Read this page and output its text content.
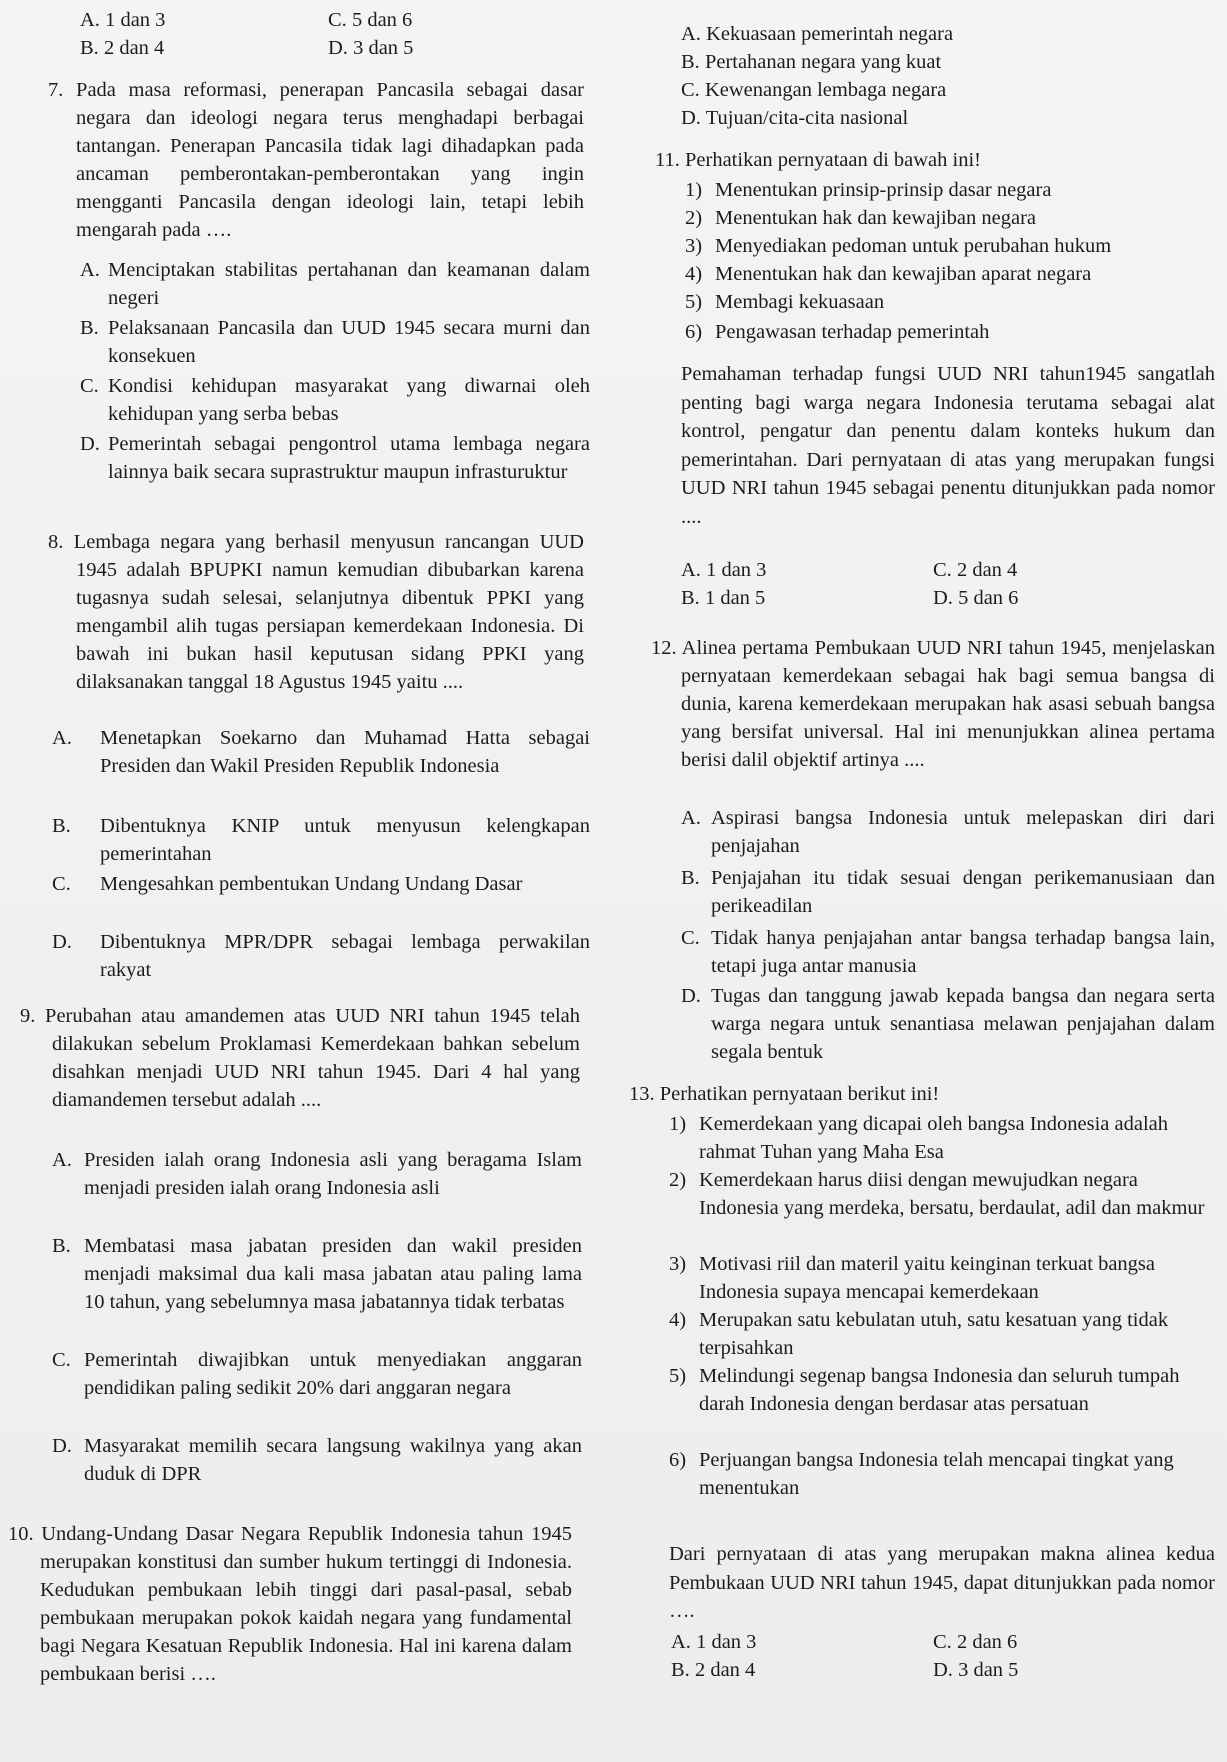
A. 1 dan 3	C. 5 dan 6
B. 2 dan 4	D. 3 dan 5
7. Pada masa reformasi, penerapan Pancasila sebagai dasar negara dan ideologi negara terus menghadapi berbagai tantangan. Penerapan Pancasila tidak lagi dihadapkan pada ancaman pemberontakan-pemberontakan yang ingin mengganti Pancasila dengan ideologi lain, tetapi lebih mengarah pada ….
A. Menciptakan stabilitas pertahanan dan keamanan dalam negeri
B. Pelaksanaan Pancasila dan UUD 1945 secara murni dan konsekuen
C. Kondisi kehidupan masyarakat yang diwarnai oleh kehidupan yang serba bebas
D. Pemerintah sebagai pengontrol utama lembaga negara lainnya baik secara suprastruktur maupun infrasturuktur
8. Lembaga negara yang berhasil menyusun rancangan UUD 1945 adalah BPUPKI namun kemudian dibubarkan karena tugasnya sudah selesai, selanjutnya dibentuk PPKI yang mengambil alih tugas persiapan kemerdekaan Indonesia. Di bawah ini bukan hasil keputusan sidang PPKI yang dilaksanakan tanggal 18 Agustus 1945 yaitu ....
A.	Menetapkan Soekarno dan Muhamad Hatta sebagai Presiden dan Wakil Presiden Republik Indonesia
B.	Dibentuknya KNIP untuk menyusun kelengkapan pemerintahan
C.	Mengesahkan pembentukan Undang Undang Dasar
D.	Dibentuknya MPR/DPR sebagai lembaga perwakilan rakyat
9. Perubahan atau amandemen atas UUD NRI tahun 1945 telah dilakukan sebelum Proklamasi Kemerdekaan bahkan sebelum disahkan menjadi UUD NRI tahun 1945. Dari 4 hal yang diamandemen tersebut adalah ....
A. Presiden ialah orang Indonesia asli yang beragama Islam menjadi presiden ialah orang Indonesia asli
B. Membatasi masa jabatan presiden dan wakil presiden menjadi maksimal dua kali masa jabatan atau paling lama 10 tahun, yang sebelumnya masa jabatannya tidak terbatas
C. Pemerintah diwajibkan untuk menyediakan anggaran pendidikan paling sedikit 20% dari anggaran negara
D. Masyarakat memilih secara langsung wakilnya yang akan duduk di DPR
10. Undang-Undang Dasar Negara Republik Indonesia tahun 1945 merupakan konstitusi dan sumber hukum tertinggi di Indonesia. Kedudukan pembukaan lebih tinggi dari pasal-pasal, sebab pembukaan merupakan pokok kaidah negara yang fundamental bagi Negara Kesatuan Republik Indonesia. Hal ini karena dalam pembukaan berisi ….
A. Kekuasaan pemerintah negara
B. Pertahanan negara yang kuat
C. Kewenangan lembaga negara
D. Tujuan/cita-cita nasional
11. Perhatikan pernyataan di bawah ini!
1) Menentukan prinsip-prinsip dasar negara
2) Menentukan hak dan kewajiban negara
3) Menyediakan pedoman untuk perubahan hukum
4) Menentukan hak dan kewajiban aparat negara
5) Membagi kekuasaan
6) Pengawasan terhadap pemerintah
Pemahaman terhadap fungsi UUD NRI tahun1945 sangatlah penting bagi warga negara Indonesia terutama sebagai alat kontrol, pengatur dan penentu dalam konteks hukum dan pemerintahan. Dari pernyataan di atas yang merupakan fungsi UUD NRI tahun 1945 sebagai penentu ditunjukkan pada nomor ....
A. 1 dan 3	C. 2 dan 4
B. 1 dan 5	D. 5 dan 6
12. Alinea pertama Pembukaan UUD NRI tahun 1945, menjelaskan pernyataan kemerdekaan sebagai hak bagi semua bangsa di dunia, karena kemerdekaan merupakan hak asasi sebuah bangsa yang bersifat universal. Hal ini menunjukkan alinea pertama berisi dalil objektif artinya ....
A. Aspirasi bangsa Indonesia untuk melepaskan diri dari penjajahan
B. Penjajahan itu tidak sesuai dengan perikemanusiaan dan perikeadilan
C. Tidak hanya penjajahan antar bangsa terhadap bangsa lain, tetapi juga antar manusia
D. Tugas dan tanggung jawab kepada bangsa dan negara serta warga negara untuk senantiasa melawan penjajahan dalam segala bentuk
13. Perhatikan pernyataan berikut ini!
1) Kemerdekaan yang dicapai oleh bangsa Indonesia adalah rahmat Tuhan yang Maha Esa
2) Kemerdekaan harus diisi dengan mewujudkan negara Indonesia yang merdeka, bersatu, berdaulat, adil dan makmur
3) Motivasi riil dan materil yaitu keinginan terkuat bangsa Indonesia supaya mencapai kemerdekaan
4) Merupakan satu kebulatan utuh, satu kesatuan yang tidak terpisahkan
5) Melindungi segenap bangsa Indonesia dan seluruh tumpah darah Indonesia dengan berdasar atas persatuan
6) Perjuangan bangsa Indonesia telah mencapai tingkat yang menentukan
Dari pernyataan di atas yang merupakan makna alinea kedua Pembukaan UUD NRI tahun 1945, dapat ditunjukkan pada nomor ….
A. 1 dan 3	C. 2 dan 6
B. 2 dan 4	D. 3 dan 5
